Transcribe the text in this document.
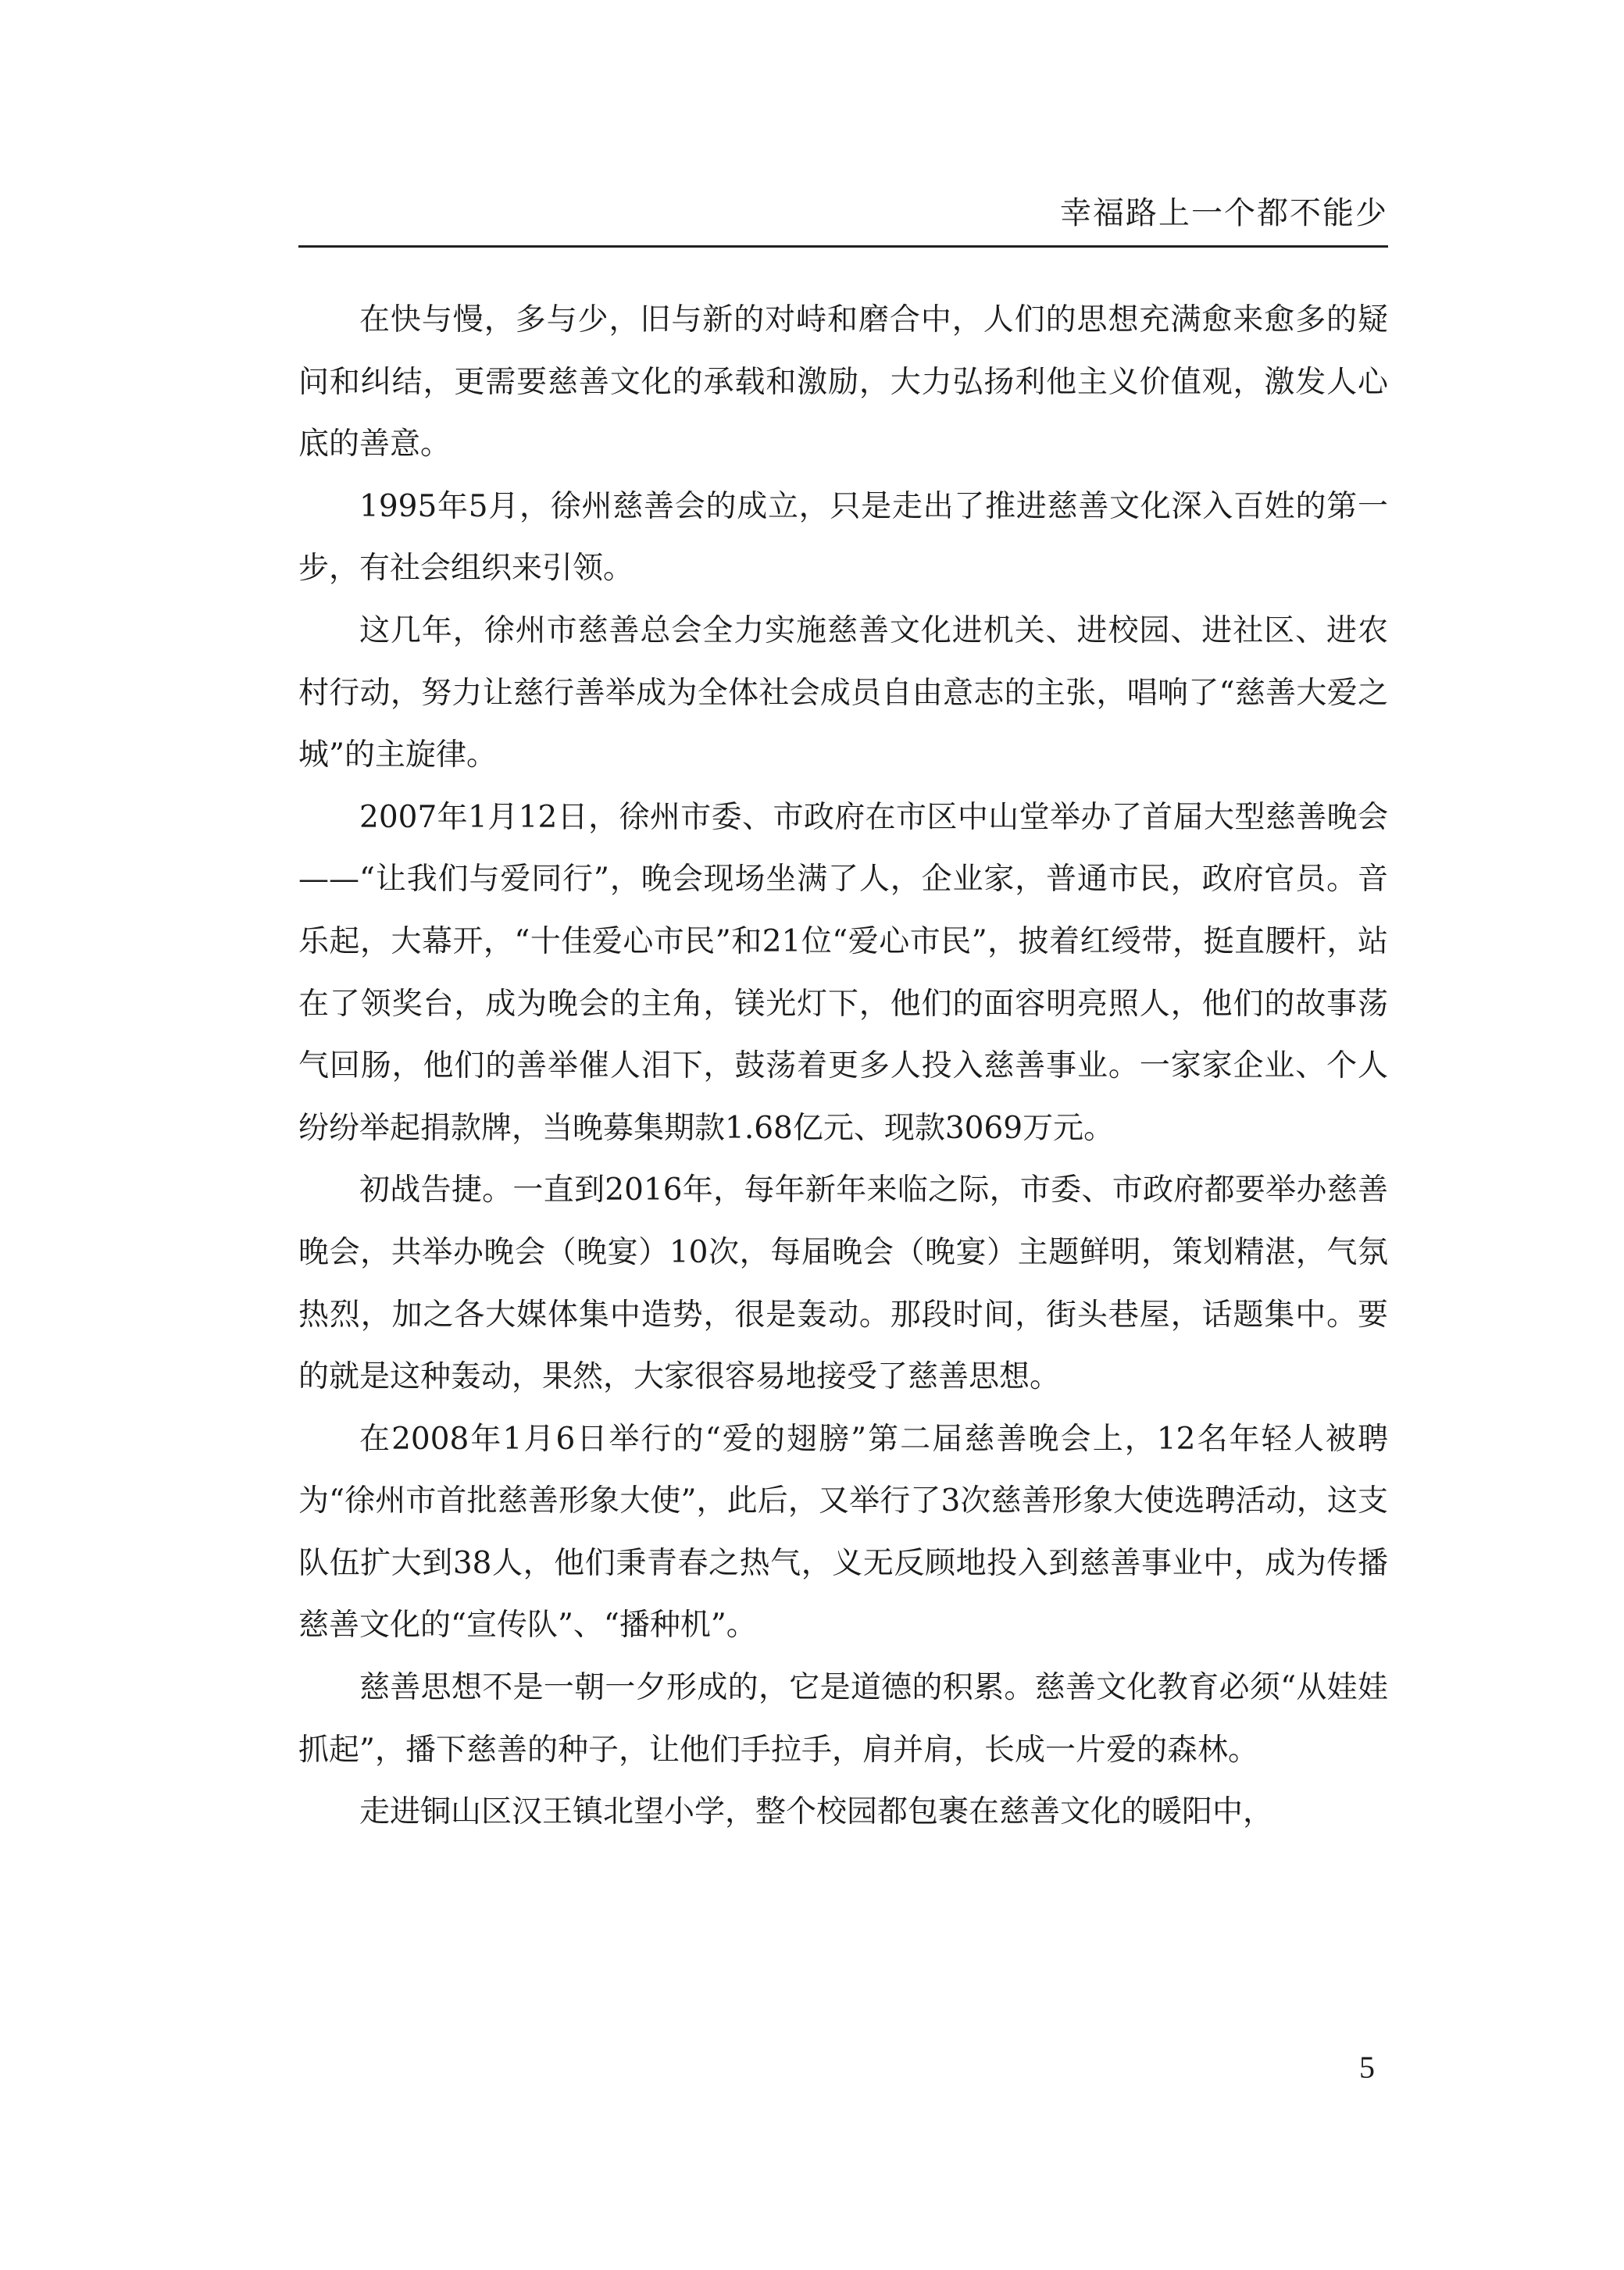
幸福路上一个都不能少

在快与慢，多与少，旧与新的对峙和磨合中，人们的思想充满愈来愈多的疑问和纠结，更需要慈善文化的承载和激励，大力弘扬利他主义价值观，激发人心底的善意。

1995年5月，徐州慈善会的成立，只是走出了推进慈善文化深入百姓的第一步，有社会组织来引领。

这几年，徐州市慈善总会全力实施慈善文化进机关、进校园、进社区、进农村行动，努力让慈行善举成为全体社会成员自由意志的主张，唱响了“慈善大爱之城”的主旋律。

2007年1月12日，徐州市委、市政府在市区中山堂举办了首届大型慈善晚会——“让我们与爱同行”，晚会现场坐满了人，企业家，普通市民，政府官员。音乐起，大幕开，“十佳爱心市民”和21位“爱心市民”，披着红绶带，挺直腰杆，站在了领奖台，成为晚会的主角，镁光灯下，他们的面容明亮照人，他们的故事荡气回肠，他们的善举催人泪下，鼓荡着更多人投入慈善事业。一家家企业、个人纷纷举起捐款牌，当晚募集期款1.68亿元、现款3069万元。

初战告捷。一直到2016年，每年新年来临之际，市委、市政府都要举办慈善晚会，共举办晚会（晚宴）10次，每届晚会（晚宴）主题鲜明，策划精湛，气氛热烈，加之各大媒体集中造势，很是轰动。那段时间，街头巷屋，话题集中。要的就是这种轰动，果然，大家很容易地接受了慈善思想。

在2008年1月6日举行的“爱的翅膀”第二届慈善晚会上，12名年轻人被聘为“徐州市首批慈善形象大使”，此后，又举行了3次慈善形象大使选聘活动，这支队伍扩大到38人，他们秉青春之热气，义无反顾地投入到慈善事业中，成为传播慈善文化的“宣传队”、“播种机”。

慈善思想不是一朝一夕形成的，它是道德的积累。慈善文化教育必须“从娃娃抓起”，播下慈善的种子，让他们手拉手，肩并肩，长成一片爱的森林。

走进铜山区汉王镇北望小学，整个校园都包裹在慈善文化的暖阳中，

5
